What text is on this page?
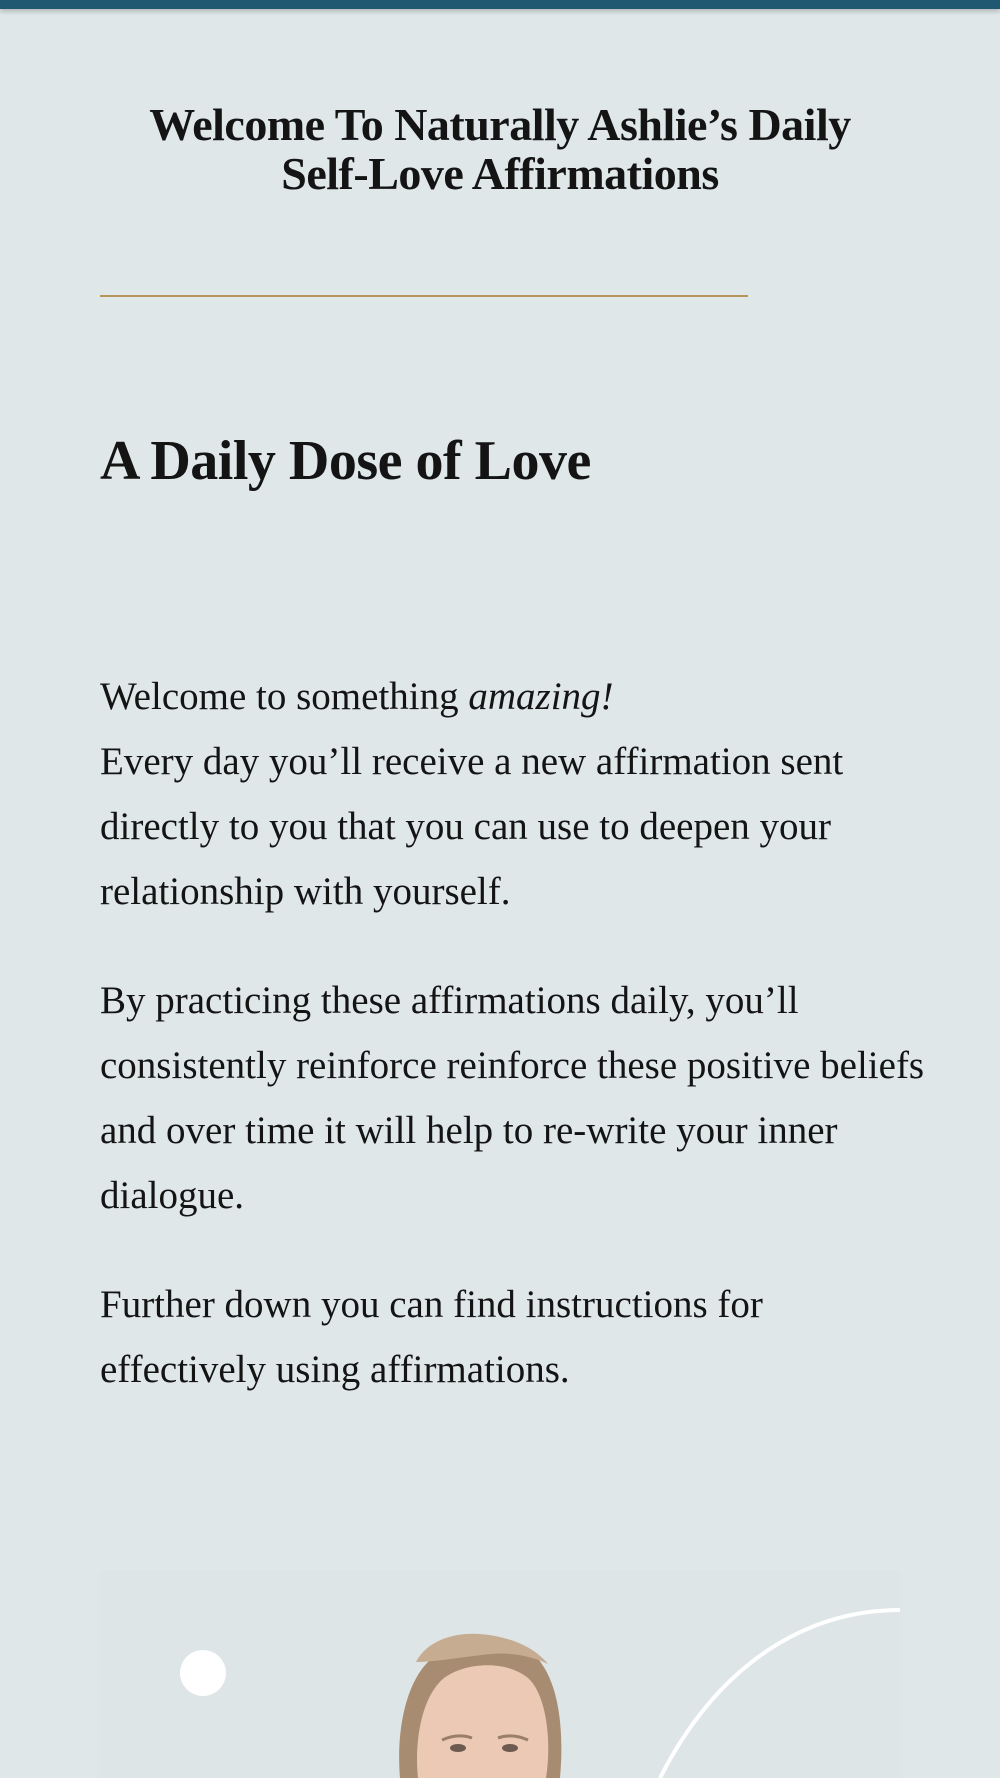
Welcome To Naturally Ashlie’s Daily
Self-Love Affirmations
A Daily Dose of Love

Welcome to something amazing!
Every day you’ll receive a new affirmation sent directly to you that you can use to deepen your relationship with yourself.

By practicing these affirmations daily, you’ll consistently reinforce reinforce these positive beliefs and over time it will help to re-write your inner dialogue.

Further down you can find instructions for effectively using affirmations.
